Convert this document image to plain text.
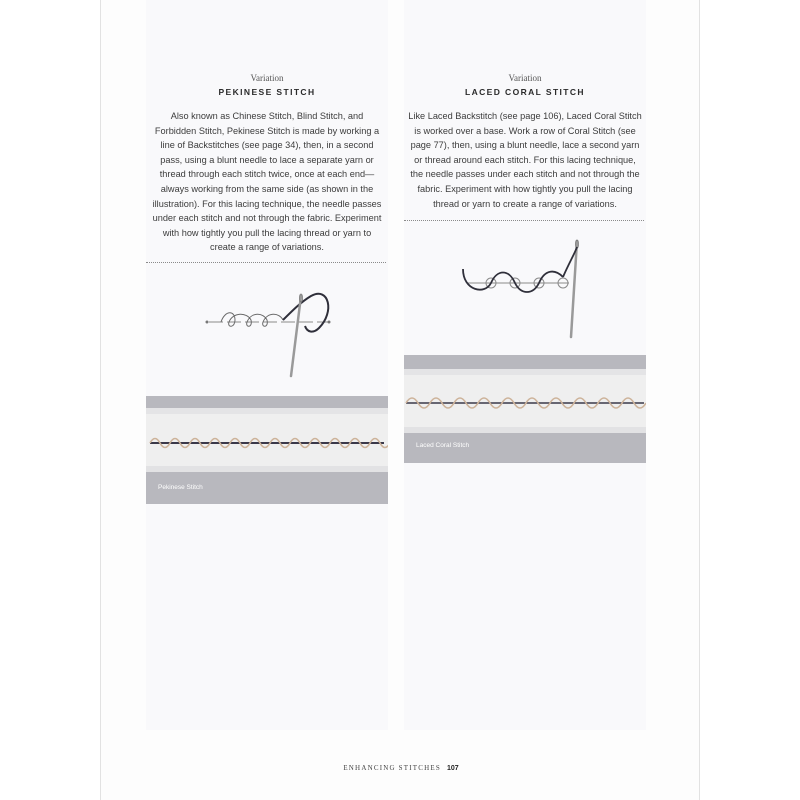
Variation

PEKINESE STITCH

Also known as Chinese Stitch, Blind Stitch, and Forbidden Stitch, Pekinese Stitch is made by working a line of Backstitches (see page 34), then, in a second pass, using a blunt needle to lace a separate yarn or thread through each stitch twice, once at each end—always working from the same side (as shown in the illustration). For this lacing technique, the needle passes under each stitch and not through the fabric. Experiment with how tightly you pull the lacing thread or yarn to create a range of variations.

Pekinese Stitch

Variation

LACED CORAL STITCH

Like Laced Backstitch (see page 106), Laced Coral Stitch is worked over a base. Work a row of Coral Stitch (see page 77), then, using a blunt needle, lace a second yarn or thread around each stitch. For this lacing technique, the needle passes under each stitch and not through the fabric. Experiment with how tightly you pull the lacing thread or yarn to create a range of variations.

Laced Coral Stitch
ENHANCING STITCHES 107
